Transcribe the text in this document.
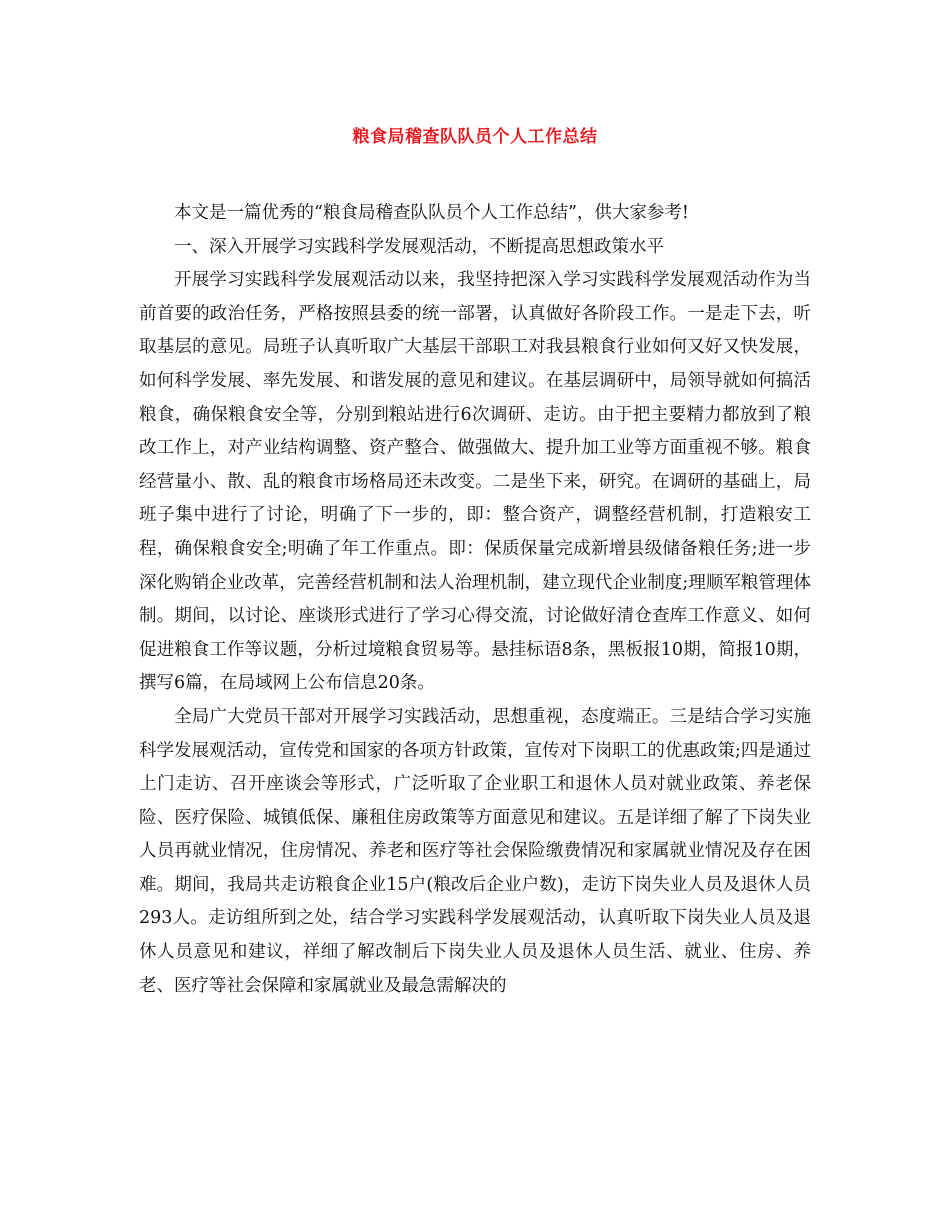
粮食局稽查队队员个人工作总结

本文是一篇优秀的“粮食局稽查队队员个人工作总结”，供大家参考!

一、深入开展学习实践科学发展观活动，不断提高思想政策水平

开展学习实践科学发展观活动以来，我坚持把深入学习实践科学发展观活动作为当前首要的政治任务，严格按照县委的统一部署，认真做好各阶段工作。一是走下去，听取基层的意见。局班子认真听取广大基层干部职工对我县粮食行业如何又好又快发展，如何科学发展、率先发展、和谐发展的意见和建议。在基层调研中，局领导就如何搞活粮食，确保粮食安全等，分别到粮站进行6次调研、走访。由于把主要精力都放到了粮改工作上，对产业结构调整、资产整合、做强做大、提升加工业等方面重视不够。粮食经营量小、散、乱的粮食市场格局还未改变。二是坐下来，研究。在调研的基础上，局班子集中进行了讨论，明确了下一步的，即：整合资产，调整经营机制，打造粮安工程，确保粮食安全;明确了年工作重点。即：保质保量完成新增县级储备粮任务;进一步深化购销企业改革，完善经营机制和法人治理机制，建立现代企业制度;理顺军粮管理体制。期间，以讨论、座谈形式进行了学习心得交流，讨论做好清仓查库工作意义、如何促进粮食工作等议题，分析过境粮食贸易等。悬挂标语8条，黑板报10期，简报10期，撰写6篇，在局域网上公布信息20条。

全局广大党员干部对开展学习实践活动，思想重视，态度端正。三是结合学习实施科学发展观活动，宣传党和国家的各项方针政策，宣传对下岗职工的优惠政策;四是通过上门走访、召开座谈会等形式，广泛听取了企业职工和退休人员对就业政策、养老保险、医疗保险、城镇低保、廉租住房政策等方面意见和建议。五是详细了解了下岗失业人员再就业情况，住房情况、养老和医疗等社会保险缴费情况和家属就业情况及存在困难。期间，我局共走访粮食企业15户(粮改后企业户数)，走访下岗失业人员及退休人员293人。走访组所到之处，结合学习实践科学发展观活动，认真听取下岗失业人员及退休人员意见和建议，祥细了解改制后下岗失业人员及退休人员生活、就业、住房、养老、医疗等社会保障和家属就业及最急需解决的
